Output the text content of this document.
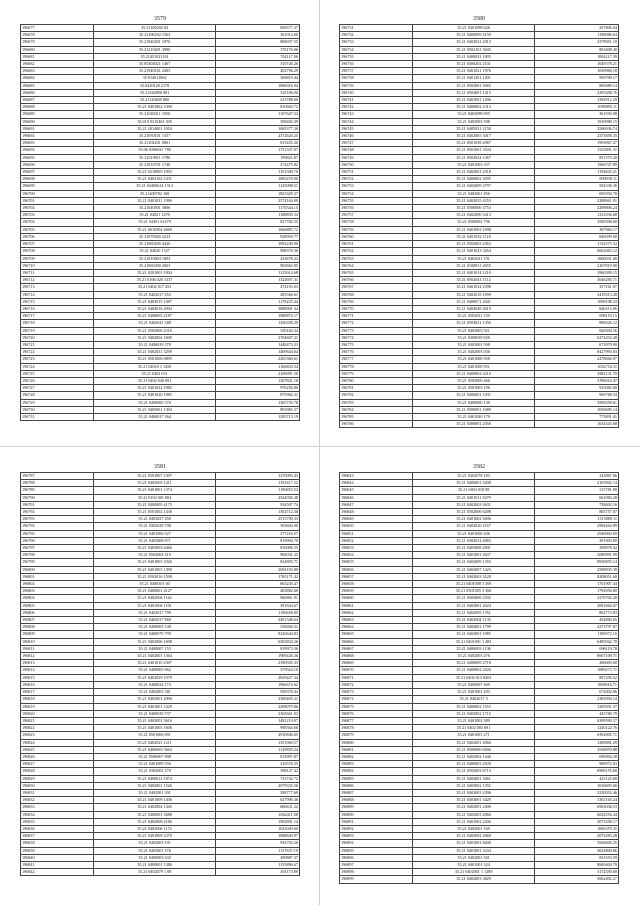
3579
196677	35.21100202 84	836577.27
196678	35.21100202 1563	361014.60
196679	35.21940201 1876	868037.55
196680	35.21219201 3990	378176.06
196681	35.21451021161	762117.06
196682	35.05304021 1467	310726.26
196683	35.21940161 2405	402796.29
196684	35.014011062	306819.44
196685	35.0420120 2178	1066016.04
196686	35.21420806 081	541106.06
196687	35.21120400 860	413788.60
196688	35.21 0401862 2390	810684.72
196689	35.21040411 1056	1107647.34
196690	35.010 0315461 305	308402.39
196691	35.21 2014001 1054	1065377.26
196692	35.21030101 1557	2372620.25
196693	35.21104201 0801	813435.26
196694	35.06 0396041 786	1751337.07
196695	35.21019011 1786	199821.87
196696	35.21010701 1748	274475.82
196697	35.21 0210005 1093	1101500.70
196698	35.21 0402102 1431	1083470.00
196699	35.21 04400614 1312	1145098.51
196700	35.21400702 168	1823329.37
196701	35.21 0401031 1986	2574164.00
196702	35.21040501 3806	1170344.15
196703	35.21 04021 1476	1188850.34
196704	35.21 04301 61479	827782.55
196705	35.21 0610304 2669	1666883.72
196706	35.21070020 2233	928959.77
196707	35.21060200 4426	1092240.90
196708	35.21 04020 1327	908370.36
196709	35.21010004 1803	433678.23
196710	35.21060200 2603	903663.95
196711	35.21 0201003 1004	1125014.68
196712	35.21 0106 020 1337	1322697.31
196713	35.21 0402 017 453	474193.63
196714	35.21 0402017 453	285366.61
196715	35.21 0403015 1487	1178225.44
196716	35.21 0404016 2094	3888901.34
196717	35.21 0408003 2187	1988872.17
196718	35.21 0402041 588	1456358.29
196719	35.21 0502006 2316	330164.34
196720	35.21 0402004 1600	2704607.21
196721	35.21 0400019 378	1448473.23
196722	35.21 0402031 3299	1409644.64
196723	35.21 0501006 0895	2265360.61
196724	35.21 04010 1 1450	1166833.34
196725	35.21 0402 031	2106991.58
196726	35.21 0402 026 691	1207841.18
196727	35.21 0401022 1982	976256.00
196728	35.21 0401020 1085	875962.21
196729	35.21 0400000 370	1305735.78
196730	35.21 0405001 1394	893983.37
196731	35.21 0400017 364	1295713.19
3580
196731	35.21 0401098 626	257806.04
196732	35.21 0400009 4159	1198086.64
196733	35.21 0403021 2013	2378951.10
196734	35.21 0502101 3045	803408.40
196735	35.21 0400031 1095	1004217.39
196736	35.21 0406202 2101	1049578.21
196737	35.21 0401021 1976	1030960.18
196738	35.21 0401201 1201	990799.17
196739	35.21 0502001 3065	883689.14
196740	35.21 0504001 1415	2395208.76
196741	35.21 0401001 1206	1392912.29
196742	35.21 0400002 2313	1089895.11
196743	35.21 0402098 095	361550.08
196744	35.21 0403003 598	1910989.15
196745	35.21 0405031 2150	3506936.74
196746	35.21 0402003 3017	2375858.35
196747	35.21 0501058 2987	1993967.27
196748	35.21 0501001 3544	1525891.31
196749	35.21 0502034 1367	851575.20
196750	35.21 0401003 357	1966707.89
196751	35.21 0402001 2518	1194645.41
196752	35.21 0400002 2095	809939.11
196753	35.21 0402009 2797	504336.36
196754	35.21 0402001 856	695594.70
196755	35.21 0402035 4353	2288961.91
196756	35.21 0500000 4753	2298806.24
196757	35.21 0402000 3413	1331036.68
196758	35.21 0500002 796	3500398.60
196759	35.21 0401003 1098	387960.17
196760	35.21 0401032 1118	849399.00
196761	35.21 0502003 2363	1742575.52
196762	35.21 0401023 3264	6663463.12
196763	35.21 0402041 191	1060031.00
196764	35.21 0100031 2655	2167819.90
196765	35.21 0401014 1210	1960399.15
196766	35.21 0502041 1112	3046285.71
196767	35.21 0401034 2398	357161.07
196768	35.21 0402018 1099	3419313.28
196769	35.21 0400071 2041	1098198.23
196770	35.21 0402048 2019	846313.06
196771	35.21 0502031 159	698119.15
196772	35.21 0503021 1356	886026.12
196773	35.21 0403003 921	820394.56
196774	35.21 0300039 920	6272433.49
196775	35.21 0403001 598	673979.90
196776	35.21 0402003 036	8427994.03
196777	35.21 0401000 958	2478666.97
196778	35.21 0401000 951	1052754.11
196779	35.21 0400002 3210	3982131.70
196780	35.21 0503000 466	3786916.47
196781	35.21 0501003 196	933082.00
196782	35.21 0400001 1031	960768.54
196783	35.21 0400000 130	3589558.61
196784	35.21 0500001 1089	1050685.14
196785	35.21 0401020 179	775891.41
196786	35.21 0400001 2058	1634345.68
3581
196787	35.21 0501007 1397	1270093.43
196788	35.21 0402003 1411	1193417.22
196789	35.21 0401001 1374	1196853.54
196790	35.21 0102 001 804	2544036.28
196791	35.21 0400005 4175	934507.74
196792	35.21 0501002 1438	1302712.38
196793	35.21 0403027 458	2515790.33
196794	35.21 0302028 708	393604.00
196795	35.21 0401006 527	377216.57
196796	35.21 0402008 871	819994.79
196797	35.21 0403003 6466	816006.55
196798	35.21 0502004 410	984031.25
196799	35.21 0401003 3326	834805.71
196800	35.21 0401003 1399	2061103.80
196801	35.21 0502016 1598	1765171.42
196802	35.21 0400301 60	863230.47
196803	35.21 0400001 4127	403882.60
196804	35.21 0402004 1162	966861.91
196805	35.21 0401004 1101	391634.67
196806	35.21 0402017 799	1196658.85
196807	35.21 0402017 868	2491348.64
196808	35.21 0400005 148	538484.31
196809	35.21 0400079 799	9226644.83
196810	35.21 0402006 1698	6302834.26
196811	35.21 0400007 153	819973.36
196812	35.21 0402001 1364	1989426.36
196813	35.21 0401010 2397	2390945.33
196814	35.21 0400003 962	379924.10
196815	35.21 0402029 1079	2829427.34
196816	35.21 0400024 173	1966674.62
196817	35.21 0402003 381	938378.42
196818	35.21 0402001 2096	2300405.21
196819	35.21 0401001 1429	2208079.86
196820	35.21 0400029 707	2365661.03
196821	35.21 0402001 5616	1481219.97
196822	35.21 0401003 1606	998364.68
196823	35.21 0501006 091	2910846.65
196824	35.21 0402021 1211	1351960.57
196825	35.21 0400003 5664	1129859.24
196826	35.21 0500007 898	813997.87
196827	35.21 0401009 556	416576.55
196828	35.21 0302002 270	398127.42
196829	35.21 0400012 1874	723742.72
196830	35.21 0402001 1526	2079335.56
196831	35.21 0402001 391	598777.69
196832	35.21 0401009 1406	627906.36
196833	35.21 0402004 1345	686631.22
196834	35.21 0400001 3688	1062411.08
196835	35.21 0402008 2186	1902891.14
196836	35.21 0402006 1172	1633049.60
196837	35.21 0401009 2370	1088649.97
196838	35.21 0402003 191	934702.26
196839	35.21 0402001 376	1137637.19
196840	35.21 0400003 633	499887.37
196841	35.21 0400001 1386	1155896.67
196842	35.21 0402079 1 08	491173.89
3582
196843	35.21 0402078 183	343867.66
196844	35.21 0400001 3208	2165902.14
196845	35.21 0403 018 98	315781.89
196846	35.21 0401011 3479	661984.28
196847	35.21 0402003 3631	738402.16
196848	35.21 0502006 6208	865757.07
196849	35.21 0401002 3006	1315889.11
196850	35.21 0402020 2167	2904264.89
196851	35.21 0401006 436	2946904.69
196852	35.21 0302014 4083	291903.00
196853	35.21 0403008 2691	399878.02
196854	35.21 0401001 2637	2080991.99
196855	35.21 0402009 1355	8930855.14
196856	35.21 0402007 1423	2508935.39
196857	35.21 0402003 3128	8208051.60
196858	35.21 0401008 3 369	1761907.44
196859	35.21 0501005 3 360	1794956.80
196860	35.21 0302006 2302	3270702.20
196861	35.21 0402001 2624	2081664.07
196862	35.21 0402005 1761	802773.83
196863	35.21 0402004 1135	432884.65
196864	35.21 0402001 1799	4373797.87
196865	35.21 0402001 1985	1190972.16
196866	35.21 0401001 1 483	6485942.70
196867	35.21 0400003 1136	696119.78
196868	35.21 0402003 476	8607109.71
196869	35.21 0400009 2718	286605.60
196870	35.21 0400002 2526	1089273.71
196871	35.21 0402 013 8263	897256.52
196872	35.21 0400007 469	1858616.71
196873	35.21 0401001 203	672002.86
196874	35.21 0402017 3	2385094.14
196875	35.21 0400002 1553	1295951.37
196876	35.21 0402002 1715	445780.79
196877	35.21 0401002 389	6399590.37
196878	35.21 0402 003 691	1240122.76
196879	35.21 0401001 271	6392005.71
196880	35.21 0402001 2066	1389881.29
196881	35.21 0500000 6006	3538870.88
196882	35.21 0402002 1446	690994.28
196883	35.21 0400003 2639	969972.03
196884	35.21 0502003 6713	6969155.68
196885	35.21 0402001 3461	425125.68
196886	35.21 0403002 1392	1016695.66
196887	35.21 0402003 2396	5230052.46
196888	35.21 0403001 3429	1302165.24
196889	35.21 0402001 2400	6963036.53
196890	35.21 0402003 2066	6022556.44
196891	35.21 0401002 2206	3073358.17
196892	35.21 0402001 169	1066370.35
196893	35.21 0403002 2668	2073283.28
196894	35.21 0401001 6040	5926600.25
196895	35.21 0401001 2244	3022800.86
196896	35.21 0402001 501	831553.59
196897	35.21 0401001 324	8669404.79
196898	35.21 0402001 1 1289	3172550.00
196899	35.21 0402003 3829	5062492.27
